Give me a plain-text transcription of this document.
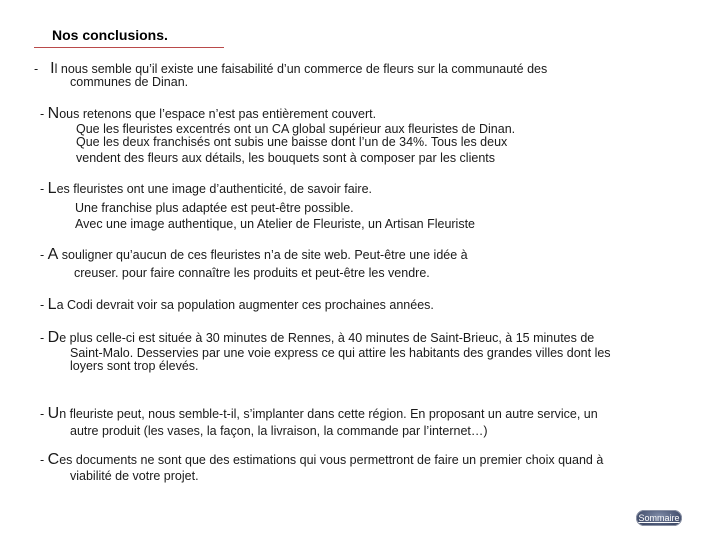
Nos conclusions.
- Il nous semble qu’il existe une faisabilité d’un commerce de fleurs sur la communauté des
communes de Dinan.
- Nous retenons que l’espace n’est pas entièrement couvert.
Que les fleuristes excentrés ont un CA global supérieur aux fleuristes de Dinan.
Que les deux franchisés ont subis une baisse dont l’un de 34%. Tous les deux
vendent des fleurs aux détails, les bouquets sont à composer par les clients
- Les fleuristes ont une image d’authenticité, de savoir faire.
Une franchise plus adaptée est peut-être possible.
Avec une image authentique, un Atelier de Fleuriste, un Artisan Fleuriste
- A souligner qu’aucun de ces fleuristes n’a de site web. Peut-être une idée à
creuser. pour faire connaître les produits et peut-être les vendre.
- La Codi devrait voir sa population augmenter ces prochaines années.
- De plus celle-ci est située à 30 minutes de Rennes, à 40 minutes de Saint-Brieuc, à 15 minutes de
Saint-Malo. Desservies par une voie express ce qui attire les habitants des grandes villes dont les
loyers sont trop élevés.
- Un fleuriste peut, nous semble-t-il, s’implanter dans cette région. En proposant un autre service, un
autre produit (les vases, la façon, la livraison, la commande par l’internet…)
- Ces documents ne sont que des estimations qui vous permettront de faire un premier choix quand à
viabilité de votre projet.
Sommaire
